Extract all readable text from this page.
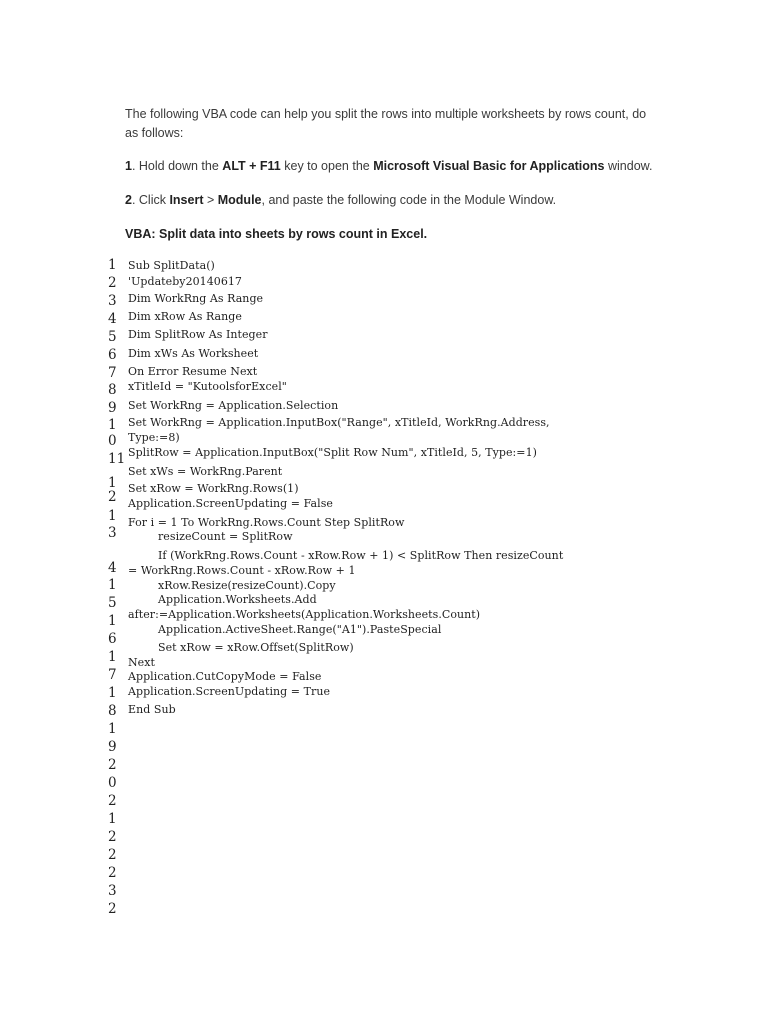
The following VBA code can help you split the rows into multiple worksheets by rows count, do as follows:

1. Hold down the ALT + F11 key to open the Microsoft Visual Basic for Applications window.

2. Click Insert > Module, and paste the following code in the Module Window.

VBA: Split data into sheets by rows count in Excel.

1
2
3
4
5
6
7
8
9
1
0
11
1
2
1
3
4
1
5
1
6
1
7
1
8
1
9
2
0
2
1
2
2
2
3
2
Sub SplitData()
'Updateby20140617
Dim WorkRng As Range
Dim xRow As Range
Dim SplitRow As Integer
Dim xWs As Worksheet
On Error Resume Next
xTitleId = "KutoolsforExcel"
Set WorkRng = Application.Selection
Set WorkRng = Application.InputBox("Range", xTitleId, WorkRng.Address,
Type:=8)
SplitRow = Application.InputBox("Split Row Num", xTitleId, 5, Type:=1)
Set xWs = WorkRng.Parent
Set xRow = WorkRng.Rows(1)
Application.ScreenUpdating = False
For i = 1 To WorkRng.Rows.Count Step SplitRow
resizeCount = SplitRow
If (WorkRng.Rows.Count - xRow.Row + 1) < SplitRow Then resizeCount
= WorkRng.Rows.Count - xRow.Row + 1
xRow.Resize(resizeCount).Copy
Application.Worksheets.Add
after:=Application.Worksheets(Application.Worksheets.Count)
Application.ActiveSheet.Range("A1").PasteSpecial
Set xRow = xRow.Offset(SplitRow)
Next
Application.CutCopyMode = False
Application.ScreenUpdating = True
End Sub
